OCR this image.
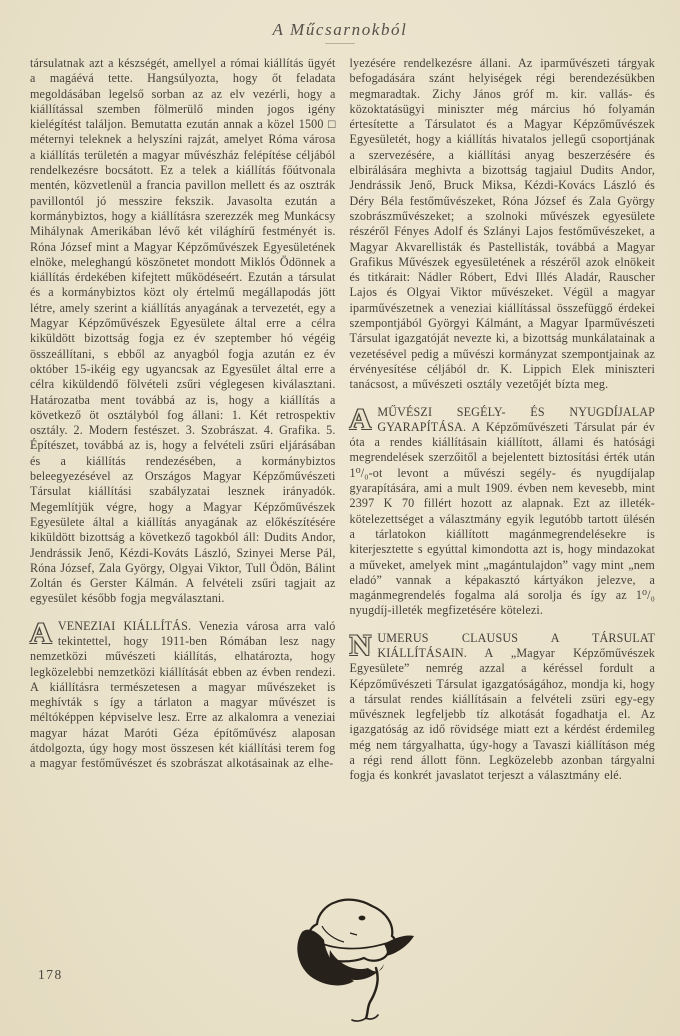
A Műcsarnokból

társulatnak azt a készségét, amellyel a római kiállítás ügyét a magáévá tette. Hangsúlyozta, hogy őt feladata megoldásában legelső sorban az az elv vezérli, hogy a kiállítással szemben fölmerülő minden jogos igény kielégítést találjon. Bemutatta ezután annak a közel 1500 □ méternyi teleknek a helyszíni rajzát, amelyet Róma városa a kiállítás területén a magyar művészház felépítése céljából rendelkezésre bocsátott. Ez a telek a kiállítás főútvonala mentén, közvetlenül a francia pavillon mellett és az osztrák pavillontól jó messzire fekszik. Javasolta ezután a kormánybiztos, hogy a kiállításra szerezzék meg Munkácsy Mihálynak Amerikában lévő két világhírű festményét is. Róna József mint a Magyar Képzőművészek Egyesületének elnöke, meleghangú köszönetet mondott Miklós Ödönnek a kiállítás érdekében kifejtett működéseért. Ezután a társulat és a kormánybiztos közt oly értelmű megállapodás jött létre, amely szerint a kiállítás anyagának a tervezetét, egy a Magyar Képzőművészek Egyesülete által erre a célra kiküldött bizottság fogja ez év szeptember hó végéig összeállítani, s ebből az anyagból fogja azután ez év október 15-ikéig egy ugyancsak az Egyesület által erre a célra kiküldendő fölvételi zsűri véglegesen kiválasztani. Határozatba ment továbbá az is, hogy a kiállítás a következő öt osztályból fog állani: 1. Két retrospektiv osztály. 2. Modern festészet. 3. Szobrászat. 4. Grafika. 5. Építészet, továbbá az is, hogy a felvételi zsűri eljárásában és a kiállítás rendezésében, a kormánybiztos beleegyezésével az Országos Magyar Képzőművészeti Társulat kiállítási szabályzatai lesznek irányadók. Megemlítjük végre, hogy a Magyar Képzőművészek Egyesülete által a kiállítás anyagának az előkészítésére kiküldött bizottság a következő tagokból áll: Dudits Andor, Jendrássik Jenő, Kézdi-Kováts László, Szinyei Merse Pál, Róna József, Zala György, Olgyai Viktor, Tull Ödön, Bálint Zoltán és Gerster Kálmán. A felvételi zsűri tagjait az egyesület később fogja megválasztani.

AVENEZIAI KIÁLLÍTÁS. Venezia városa arra való tekintettel, hogy 1911-ben Rómában lesz nagy nemzetközi művészeti kiállítás, elhatározta, hogy legközelebbi nemzetközi kiállítását ebben az évben rendezi. A kiállításra természetesen a magyar művészeket is meghívták s így a tárlaton a magyar művészet is méltóképpen képviselve lesz. Erre az alkalomra a veneziai magyar házat Maróti Géza építőművész alaposan átdolgozta, úgy hogy most összesen két kiállítási terem fog a magyar festőművészet és szobrászat alkotásainak az elhe-

lyezésére rendelkezésre állani. Az iparművészeti tárgyak befogadására szánt helyiségek régi berendezésükben megmaradtak. Zichy János gróf m. kir. vallás- és közoktatásügyi miniszter még március hó folyamán értesítette a Társulatot és a Magyar Képzőművészek Egyesületét, hogy a kiállítás hivatalos jellegű csoportjának a szervezésére, a kiállítási anyag beszerzésére és elbirálására meghivta a bizottság tagjaiul Dudits Andor, Jendrássik Jenő, Bruck Miksa, Kézdi-Kovács László és Déry Béla festőművészeket, Róna József és Zala György szobrászművészeket; a szolnoki művészek egyesülete részéről Fényes Adolf és Szlányi Lajos festőművészeket, a Magyar Akvarellisták és Pastellisták, továbbá a Magyar Grafikus Művészek egyesületének a részéről azok elnökeit és titkárait: Nádler Róbert, Edvi Illés Aladár, Rauscher Lajos és Olgyai Viktor művészeket. Végül a magyar iparművészetnek a veneziai kiállítással összefüggő érdekei szempontjából Györgyi Kálmánt, a Magyar Iparművészeti Társulat igazgatóját nevezte ki, a bizottság munkálatainak a vezetésével pedig a művészi kormányzat szempontjainak az érvényesítése céljából dr. K. Lippich Elek miniszteri tanácsost, a művészeti osztály vezetőjét bízta meg.

AMŰVÉSZI SEGÉLY- ÉS NYUGDÍJALAP GYARAPÍTÁSA. A Képzőművészeti Társulat pár év óta a rendes kiállításain kiállított, állami és hatósági megrendelések szerzőitől a bejelentett biztosítási érték után 1⁰/₀-ot levont a művészi segély- és nyugdíjalap gyarapítására, ami a mult 1909. évben nem kevesebb, mint 2397 K 70 fillért hozott az alapnak. Ezt az illeték-kötelezettséget a választmány egyik legutóbb tartott ülésén a tárlatokon kiállított magánmegrendelésekre is kiterjesztette s egyúttal kimondotta azt is, hogy mindazokat a műveket, amelyek mint „magántulajdon” vagy mint „nem eladó” vannak a képakasztó kártyákon jelezve, a magánmegrendelés fogalma alá sorolja és így az 1⁰/₀ nyugdíj-illeték megfizetésére kötelezi.

NUMERUS CLAUSUS A TÁRSULAT KIÁLLÍTÁSAIN. A „Magyar Képzőművészek Egyesülete” nemrég azzal a kéréssel fordult a Képzőművészeti Társulat igazgatóságához, mondja ki, hogy a társulat rendes kiállításain a felvételi zsüri egy-egy művésznek legfeljebb tíz alkotását fogadhatja el. Az igazgatóság az idő rövidsége miatt ezt a kérdést érdemileg még nem tárgyalhatta, úgy-hogy a Tavaszi kiállításon még a régi rend állott fönn. Legközelebb azonban tárgyalni fogja és konkrét javaslatot terjeszt a választmány elé.

178
